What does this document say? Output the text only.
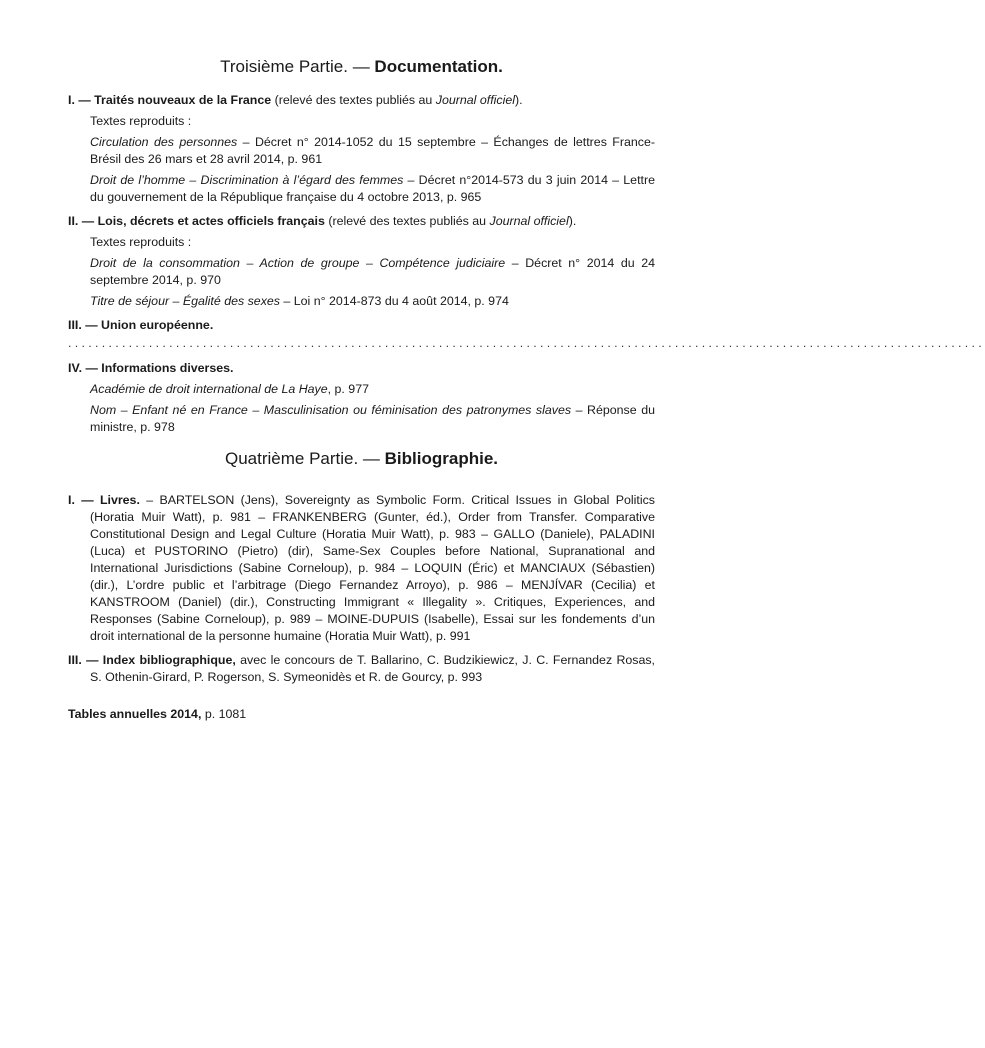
Troisième Partie. — Documentation.
I. — Traités nouveaux de la France (relevé des textes publiés au Journal officiel).
Textes reproduits :
Circulation des personnes – Décret n° 2014-1052 du 15 septembre – Échanges de lettres France-Brésil des 26 mars et 28 avril 2014, p. 961
Droit de l’homme – Discrimination à l’égard des femmes – Décret n°2014-573 du 3 juin 2014 – Lettre du gouvernement de la République française du 4 octobre 2013, p. 965
II. — Lois, décrets et actes officiels français (relevé des textes publiés au Journal officiel).
Textes reproduits :
Droit de la consommation – Action de groupe – Compétence judiciaire – Décret n° 2014 du 24 septembre 2014, p. 970
Titre de séjour – Égalité des sexes – Loi n° 2014-873 du 4 août 2014, p. 974
III. — Union européenne.
........................................................................................................................................
IV. — Informations diverses.
Académie de droit international de La Haye, p. 977
Nom – Enfant né en France – Masculinisation ou féminisation des patronymes slaves – Réponse du ministre, p. 978
Quatrième Partie. — Bibliographie.
I. — Livres. – BARTELSON (Jens), Sovereignty as Symbolic Form. Critical Issues in Global Politics (Horatia Muir Watt), p. 981 – FRANKENBERG (Gunter, éd.), Order from Transfer. Comparative Constitutional Design and Legal Culture (Horatia Muir Watt), p. 983 – GALLO (Daniele), PALADINI (Luca) et PUSTORINO (Pietro) (dir), Same-Sex Couples before National, Supranational and International Jurisdictions (Sabine Corneloup), p. 984 – LOQUIN (Éric) et MANCIAUX (Sébastien) (dir.), L’ordre public et l’arbitrage (Diego Fernandez Arroyo), p. 986 – MENJÍVAR (Cecilia) et KANSTROOM (Daniel) (dir.), Constructing Immigrant « Illegality ». Critiques, Experiences, and Responses (Sabine Corneloup), p. 989 – MOINE-DUPUIS (Isabelle), Essai sur les fondements d’un droit international de la personne humaine (Horatia Muir Watt), p. 991
III. — Index bibliographique, avec le concours de T. Ballarino, C. Budzikiewicz, J. C. Fernandez Rosas, S. Othenin-Girard, P. Rogerson, S. Symeonidès et R. de Gourcy, p. 993
Tables annuelles 2014, p. 1081
